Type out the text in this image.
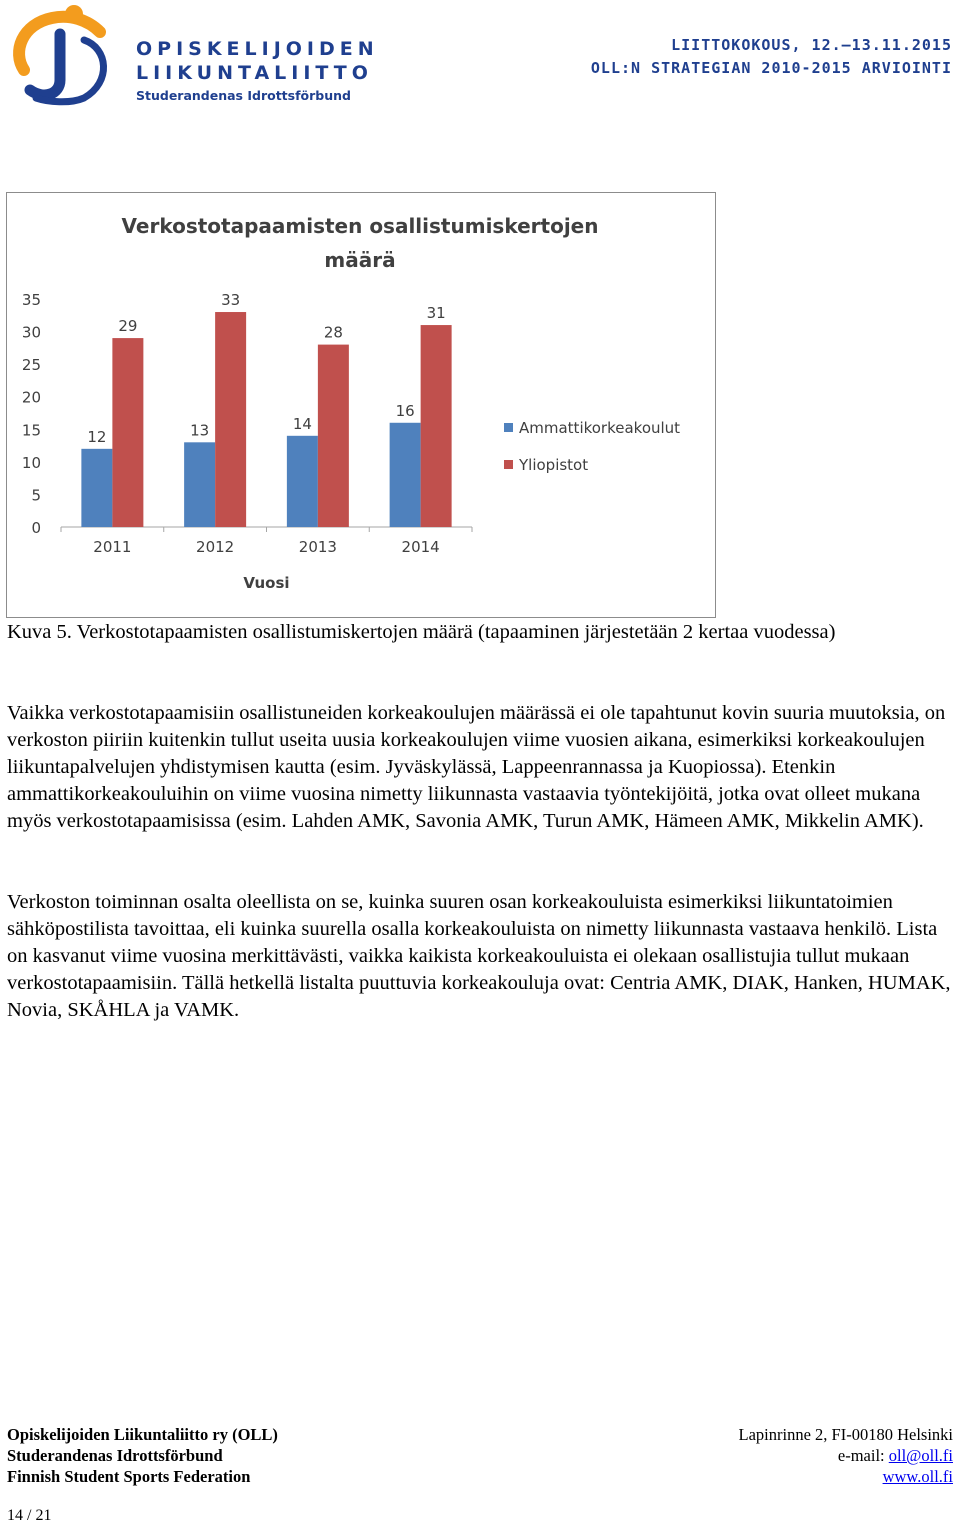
OPISKELIJOIDEN
LIIKUNTALIITTO
Studerandenas Idrottsförbund
LIITTOKOKOUS, 12.—13.11.2015
OLL:N STRATEGIAN 2010-2015 ARVIOINTI
Verkostotapaamisten osallistumiskertojen
määrä
0
5
10
15
20
25
30
35
12
29
2011
13
33
2012
14
28
2013
16
31
2014
Vuosi
Ammattikorkeakoulut
Yliopistot
Kuva 5. Verkostotapaamisten osallistumiskertojen määrä (tapaaminen järjestetään 2 kertaa vuodessa)
Vaikka verkostotapaamisiin osallistuneiden korkeakoulujen määrässä ei ole tapahtunut kovin suuria muutoksia, on verkoston piiriin kuitenkin tullut useita uusia korkeakoulujen viime vuosien aikana, esimerkiksi korkeakoulujen liikuntapalvelujen yhdistymisen kautta (esim. Jyväskylässä, Lappeenrannassa ja Kuopiossa). Etenkin ammattikorkeakouluihin on viime vuosina nimetty liikunnasta vastaavia työntekijöitä, jotka ovat olleet mukana myös verkostotapaamisissa (esim. Lahden AMK, Savonia AMK, Turun AMK, Hämeen AMK, Mikkelin AMK).
Verkoston toiminnan osalta oleellista on se, kuinka suuren osan korkeakouluista esimerkiksi liikuntatoimien sähköpostilista tavoittaa, eli kuinka suurella osalla korkeakouluista on nimetty liikunnasta vastaava henkilö. Lista on kasvanut viime vuosina merkittävästi, vaikka kaikista korkeakouluista ei olekaan osallistujia tullut mukaan verkostotapaamisiin. Tällä hetkellä listalta puuttuvia korkeakouluja ovat: Centria AMK, DIAK, Hanken, HUMAK, Novia, SKÅHLA ja VAMK.
Opiskelijoiden Liikuntaliitto ry (OLL)
Studerandenas Idrottsförbund
Finnish Student Sports Federation
Lapinrinne 2, FI-00180 Helsinki
e-mail: oll@oll.fi
www.oll.fi
14 / 21
